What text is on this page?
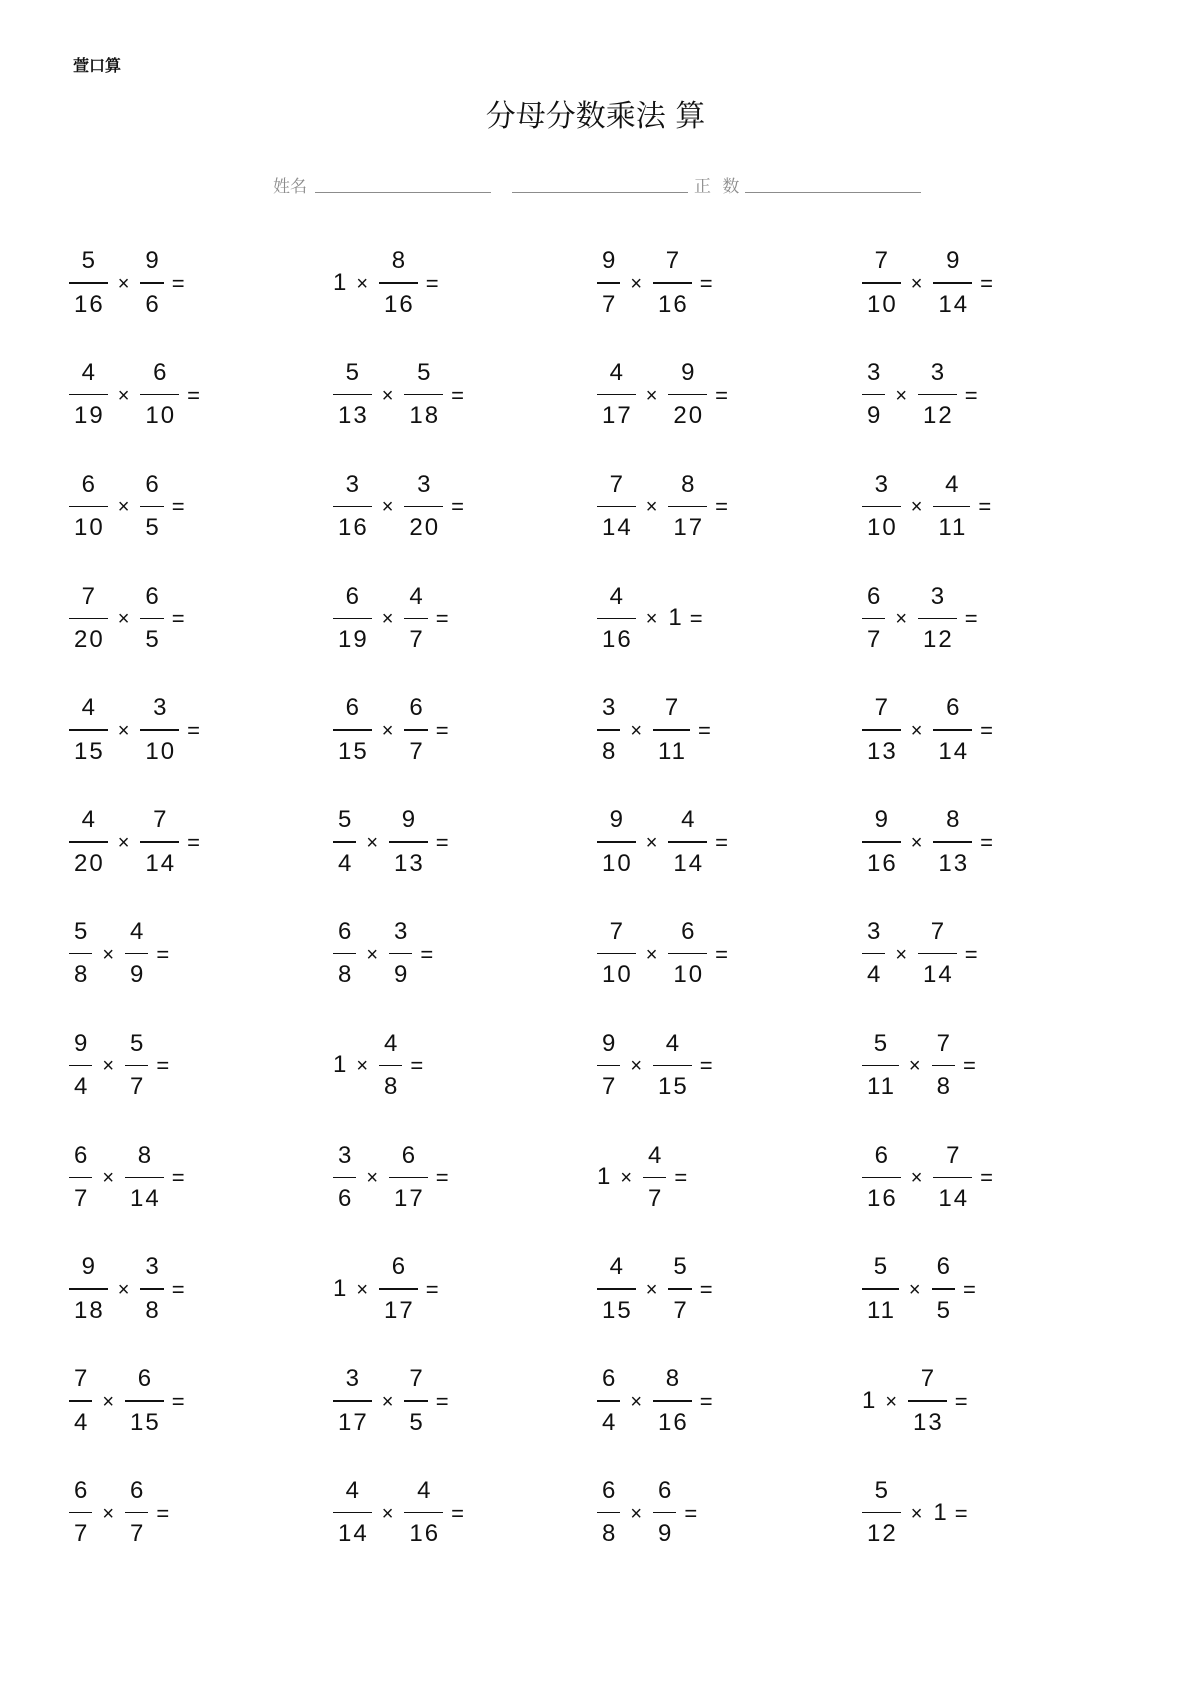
萱口算
分母分数乘法 算
姓名	正 数
$\frac{5}{16} \times \frac{9}{6}$ =	$1 \times \frac{8}{16}$ =	$\frac{9}{7} \times \frac{7}{16}$ =	$\frac{7}{10} \times \frac{9}{14}$ =
$\frac{4}{19} \times \frac{6}{10}$ =	$\frac{5}{13} \times \frac{5}{18}$ =	$\frac{4}{17} \times \frac{9}{20}$ =	$\frac{3}{9} \times \frac{3}{12}$ =
$\frac{6}{10} \times \frac{6}{5}$ =	$\frac{3}{16} \times \frac{3}{20}$ =	$\frac{7}{14} \times \frac{8}{17}$ =	$\frac{3}{10} \times \frac{4}{11}$ =
$\frac{7}{20} \times \frac{6}{5}$ =	$\frac{6}{19} \times \frac{4}{7}$ =	$\frac{4}{16} \times 1$ =	$\frac{6}{7} \times \frac{3}{12}$ =
$\frac{4}{15} \times \frac{3}{10}$ =	$\frac{6}{15} \times \frac{6}{7}$ =	$\frac{3}{8} \times \frac{7}{11}$ =	$\frac{7}{13} \times \frac{6}{14}$ =
$\frac{4}{20} \times \frac{7}{14}$ =	$\frac{5}{4} \times \frac{9}{13}$ =	$\frac{9}{10} \times \frac{4}{14}$ =	$\frac{9}{16} \times \frac{8}{13}$ =
$\frac{5}{8} \times \frac{4}{9}$ =	$\frac{6}{8} \times \frac{3}{9}$ =	$\frac{7}{10} \times \frac{6}{10}$ =	$\frac{3}{4} \times \frac{7}{14}$ =
$\frac{9}{4} \times \frac{5}{7}$ =	$1 \times \frac{4}{8}$ =	$\frac{9}{7} \times \frac{4}{15}$ =	$\frac{5}{11} \times \frac{7}{8}$ =
$\frac{6}{7} \times \frac{8}{14}$ =	$\frac{3}{6} \times \frac{6}{17}$ =	$1 \times \frac{4}{7}$ =	$\frac{6}{16} \times \frac{7}{14}$ =
$\frac{9}{18} \times \frac{3}{8}$ =	$1 \times \frac{6}{17}$ =	$\frac{4}{15} \times \frac{5}{7}$ =	$\frac{5}{11} \times \frac{6}{5}$ =
$\frac{7}{4} \times \frac{6}{15}$ =	$\frac{3}{17} \times \frac{7}{5}$ =	$\frac{6}{4} \times \frac{8}{16}$ =	$1 \times \frac{7}{13}$ =
$\frac{6}{7} \times \frac{6}{7}$ =	$\frac{4}{14} \times \frac{4}{16}$ =	$\frac{6}{8} \times \frac{6}{9}$ =	$\frac{5}{12} \times 1$ =
